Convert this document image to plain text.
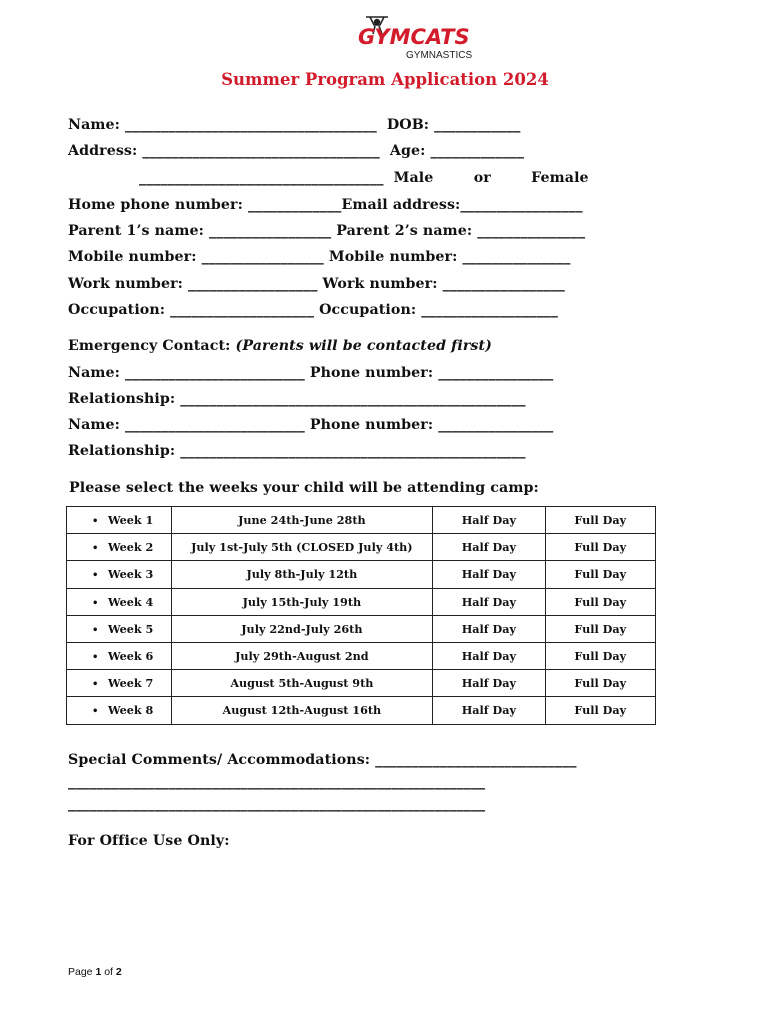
GYMCATS
GYMNASTICS
Summer Program Application 2024
Name: ___________________________________  DOB: ____________
Address: _________________________________  Age: _____________
__________________________________  Male        or        Female
Home phone number: _____________Email address:_________________
Parent 1’s name: _________________ Parent 2’s name: _______________
Mobile number: _________________ Mobile number: _______________
Work number: __________________ Work number: _________________
Occupation: ____________________ Occupation: ___________________
Emergency Contact: (Parents will be contacted first)
Name: _________________________ Phone number: ________________
Relationship: ________________________________________________
Name: _________________________ Phone number: ________________
Relationship: ________________________________________________
Please select the weeks your child will be attending camp:
• Week 1	June 24th-June 28th	Half Day	Full Day
• Week 2	July 1st-July 5th (CLOSED July 4th)	Half Day	Full Day
• Week 3	July 8th-July 12th	Half Day	Full Day
• Week 4	July 15th-July 19th	Half Day	Full Day
• Week 5	July 22nd-July 26th	Half Day	Full Day
• Week 6	July 29th-August 2nd	Half Day	Full Day
• Week 7	August 5th-August 9th	Half Day	Full Day
• Week 8	August 12th-August 16th	Half Day	Full Day
Special Comments/ Accommodations: ____________________________
__________________________________________________________
__________________________________________________________
For Office Use Only:
Page 1 of 2
